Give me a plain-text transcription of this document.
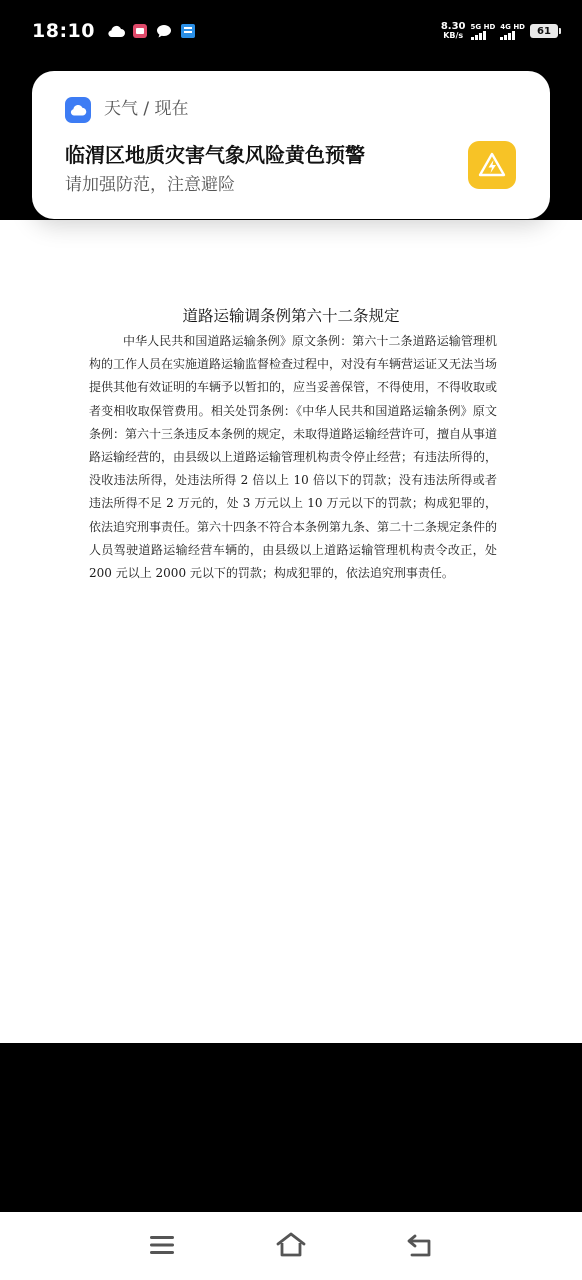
18:10	8.30
KB/s
5G HD 4G HD	61
道路运输调条例第六十二条规定

中华人民共和国道路运输条例》原文条例：第六十二条道路运输管理机构的工作人员在实施道路运输监督检查过程中，对没有车辆营运证又无法当场提供其他有效证明的车辆予以暂扣的，应当妥善保管，不得使用，不得收取或者变相收取保管费用。相关处罚条例：《中华人民共和国道路运输条例》原文条例：第六十三条违反本条例的规定，未取得道路运输经营许可，擅自从事道路运输经营的，由县级以上道路运输管理机构责令停止经营；有违法所得的，没收违法所得，处违法所得 2 倍以上 10 倍以下的罚款；没有违法所得或者违法所得不足 2 万元的，处 3 万元以上 10 万元以下的罚款；构成犯罪的，依法追究刑事责任。第六十四条不符合本条例第九条、第二十二条规定条件的人员驾驶道路运输经营车辆的，由县级以上道路运输管理机构责令改正，处 200 元以上 2000 元以下的罚款；构成犯罪的，依法追究刑事责任。

天气 / 现在
临渭区地质灾害气象风险黄色预警
请加强防范，注意避险
